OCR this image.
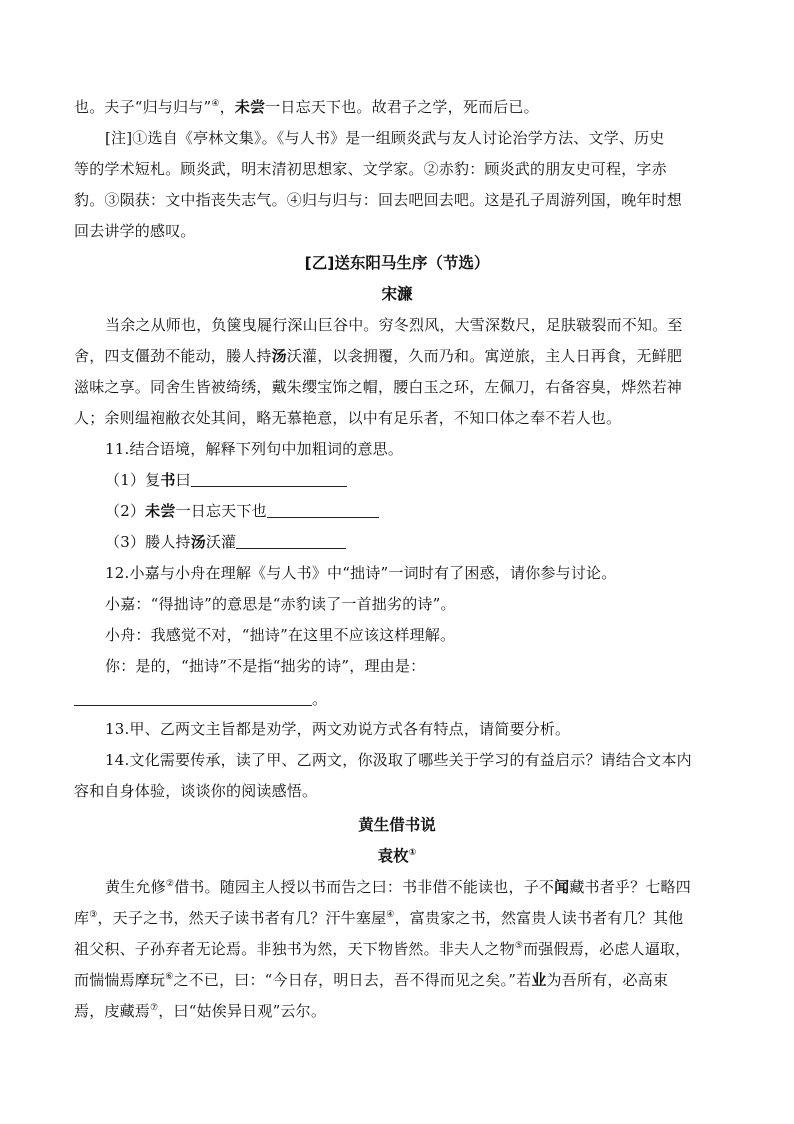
也。夫子“归与归与”④，未尝一日忘天下也。故君子之学，死而后已。
[注]①选自《亭林文集》。《与人书》是一组顾炎武与友人讨论治学方法、文学、历史
等的学术短札。顾炎武，明末清初思想家、文学家。②赤豹：顾炎武的朋友史可程，字赤
豹。③陨获：文中指丧失志气。④归与归与：回去吧回去吧。这是孔子周游列国，晚年时想
回去讲学的感叹。
[乙]送东阳马生序（节选）
宋濂
当余之从师也，负箧曳屣行深山巨谷中。穷冬烈风，大雪深数尺，足肤皲裂而不知。至
舍，四支僵劲不能动，媵人持汤沃灌，以衾拥覆，久而乃和。寓逆旅，主人日再食，无鲜肥
滋味之享。同舍生皆被绮绣，戴朱缨宝饰之帽，腰白玉之环，左佩刀，右备容臭，烨然若神
人；余则缊袍敝衣处其间，略无慕艳意，以中有足乐者，不知口体之奉不若人也。
11.结合语境，解释下列句中加粗词的意思。
（1）复书曰
（2）未尝一日忘天下也
（3）媵人持汤沃灌
12.小嘉与小舟在理解《与人书》中“拙诗”一词时有了困惑，请你参与讨论。
小嘉：“得拙诗”的意思是“赤豹读了一首拙劣的诗”。
小舟：我感觉不对，“拙诗”在这里不应该这样理解。
你：是的，“拙诗”不是指“拙劣的诗”，理由是：
。
13.甲、乙两文主旨都是劝学，两文劝说方式各有特点，请简要分析。
14.文化需要传承，读了甲、乙两文，你汲取了哪些关于学习的有益启示？请结合文本内
容和自身体验，谈谈你的阅读感悟。
黄生借书说
袁枚①
黄生允修②借书。随园主人授以书而告之曰：书非借不能读也，子不闻藏书者乎？七略四
库③，天子之书，然天子读书者有几？汗牛塞屋④，富贵家之书，然富贵人读书者有几？其他
祖父积、子孙弃者无论焉。非独书为然，天下物皆然。非夫人之物⑤而强假焉，必虑人逼取，
而惴惴焉摩玩⑥之不已，曰：“今日存，明日去，吾不得而见之矣。”若业为吾所有，必高束
焉，庋藏焉⑦，曰“姑俟异日观”云尔。
